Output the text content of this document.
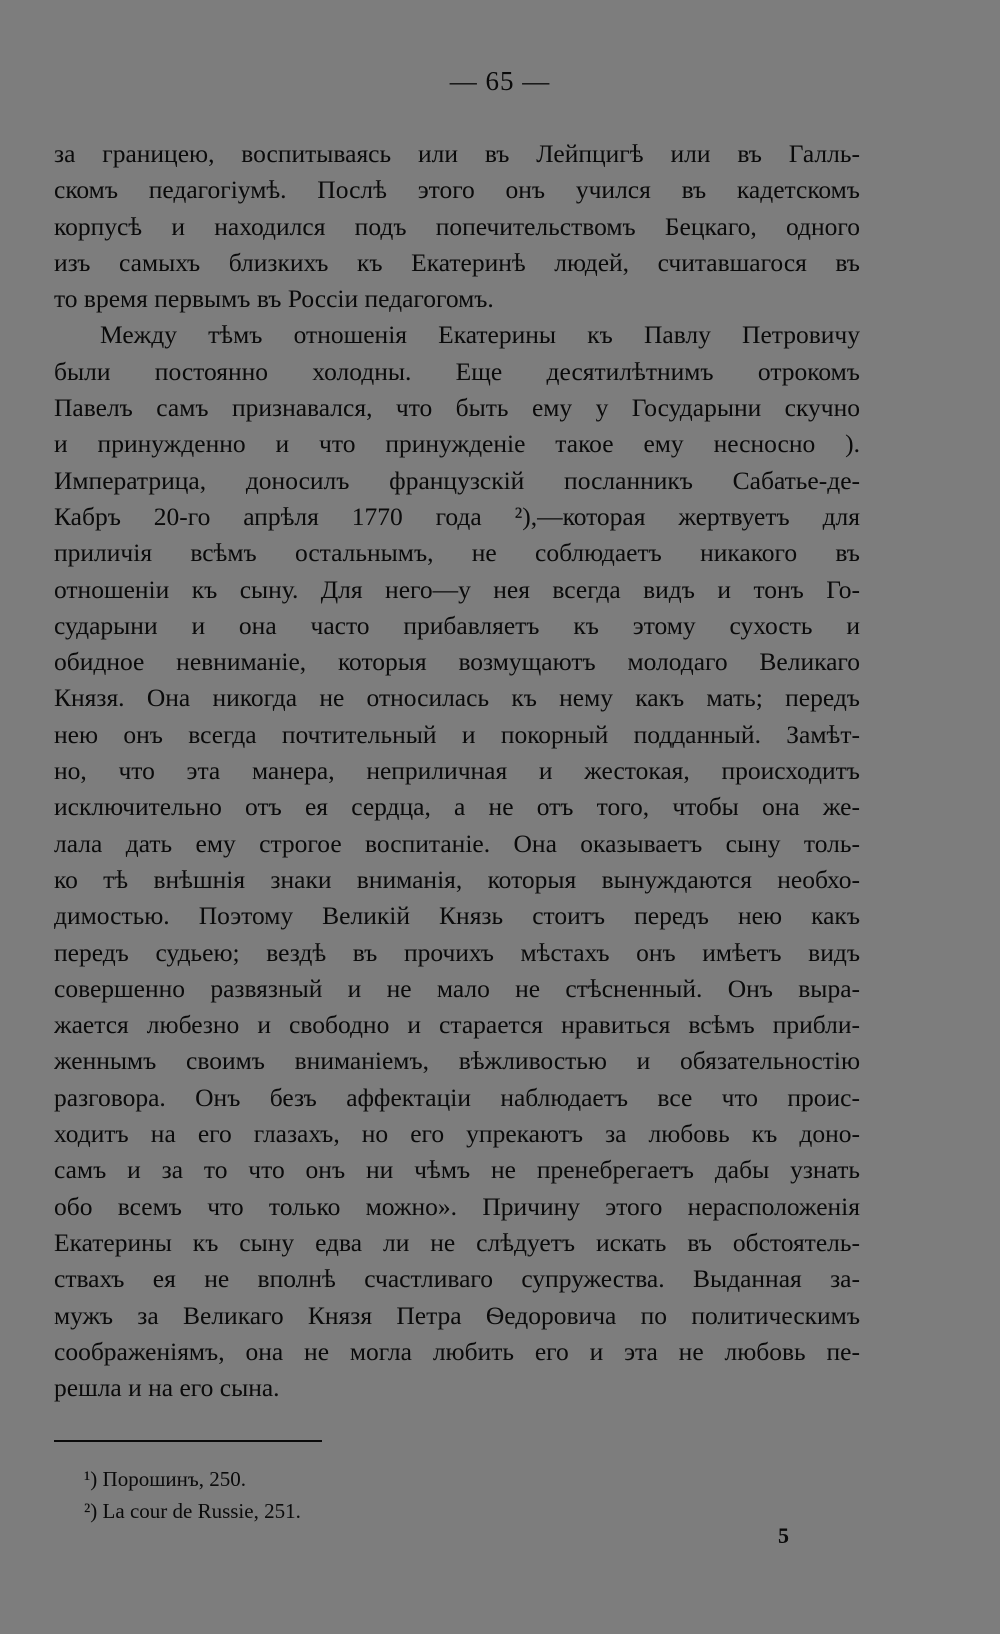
— 65 —
за границею, воспитываясь или въ Лейпцигѣ или въ Галль-
скомъ педагогіумѣ. Послѣ этого онъ учился въ кадетскомъ
корпусѣ и находился подъ попечительствомъ Бецкаго, одного
изъ самыхъ близкихъ къ Екатеринѣ людей, считавшагося въ
то время первымъ въ Россіи педагогомъ.
Между тѣмъ отношенія Екатерины къ Павлу Петровичу
были постоянно холодны. Еще десятилѣтнимъ отрокомъ
Павелъ самъ признавался, что быть ему у Государыни скучно
и принужденно и что принужденіе такое ему несносно ).
Императрица, доносилъ французскій посланникъ Сабатье-де-
Кабръ 20-го апрѣля 1770 года ²),—которая жертвуетъ для
приличія всѣмъ остальнымъ, не соблюдаетъ никакого въ
отношеніи къ сыну. Для него—у нея всегда видъ и тонъ Го-
сударыни и она часто прибавляетъ къ этому сухость и
обидное невниманіе, которыя возмущаютъ молодаго Великаго
Князя. Она никогда не относилась къ нему какъ мать; передъ
нею онъ всегда почтительный и покорный подданный. Замѣт-
но, что эта манера, неприличная и жестокая, происходитъ
исключительно отъ ея сердца, а не отъ того, чтобы она же-
лала дать ему строгое воспитаніе. Она оказываетъ сыну толь-
ко тѣ внѣшнія знаки вниманія, которыя вынуждаются необхо-
димостью. Поэтому Великій Князь стоитъ передъ нею какъ
передъ судьею; вездѣ въ прочихъ мѣстахъ онъ имѣетъ видъ
совершенно развязный и не мало не стѣсненный. Онъ выра-
жается любезно и свободно и старается нравиться всѣмъ прибли-
женнымъ своимъ вниманіемъ, вѣжливостью и обязательностію
разговора. Онъ безъ аффектаціи наблюдаетъ все что проис-
ходитъ на его глазахъ, но его упрекаютъ за любовь къ доно-
самъ и за то что онъ ни чѣмъ не пренебрегаетъ дабы узнать
обо всемъ что только можно». Причину этого нерасположенія
Екатерины къ сыну едва ли не слѣдуетъ искать въ обстоятель-
ствахъ ея не вполнѣ счастливаго супружества. Выданная за-
мужъ за Великаго Князя Петра Ѳедоровича по политическимъ
соображеніямъ, она не могла любить его и эта не любовь пе-
решла и на его сына.
¹) Порошинъ, 250.
²) La cour de Russie, 251.
5
